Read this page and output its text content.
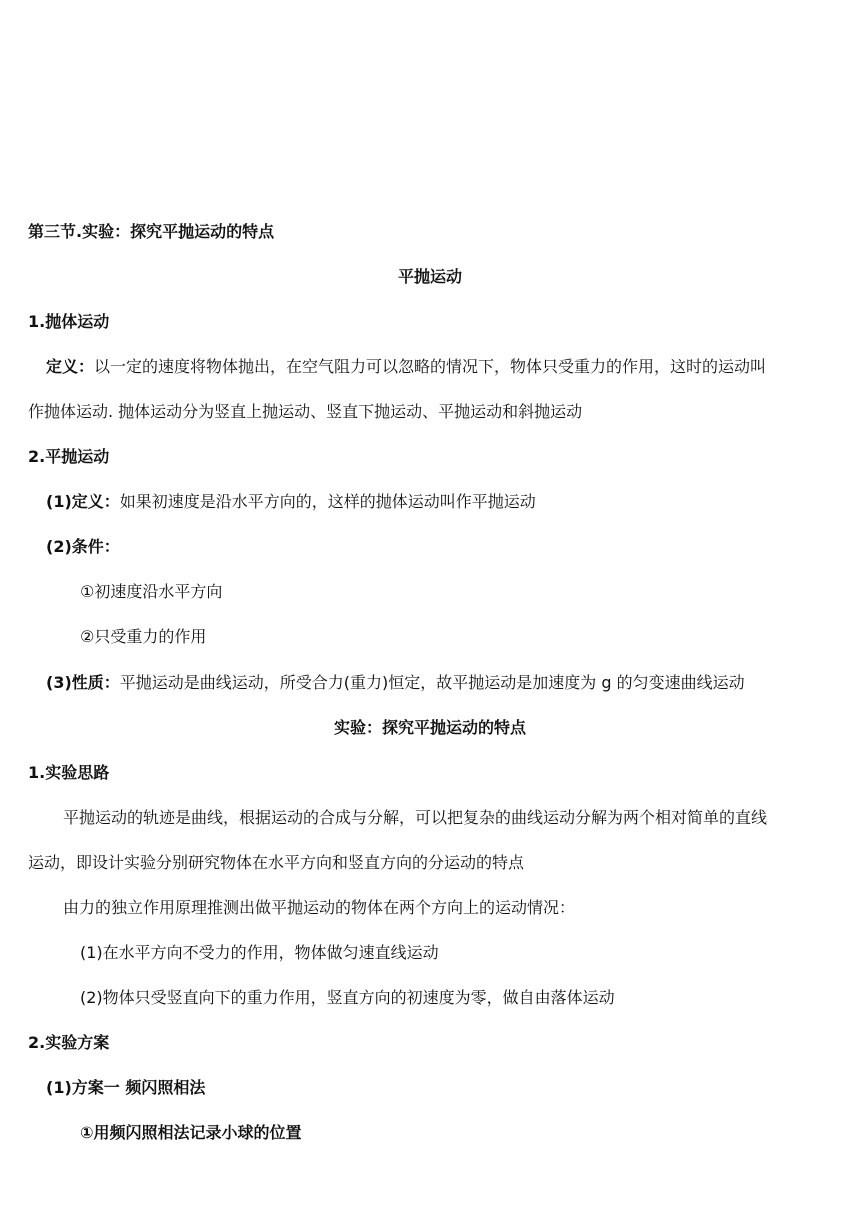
第三节.实验：探究平抛运动的特点
平抛运动
1.抛体运动
定义：以一定的速度将物体抛出，在空气阻力可以忽略的情况下，物体只受重力的作用，这时的运动叫
作抛体运动. 抛体运动分为竖直上抛运动、竖直下抛运动、平抛运动和斜抛运动
2.平抛运动
(1)定义：如果初速度是沿水平方向的，这样的抛体运动叫作平抛运动
(2)条件：
①初速度沿水平方向
②只受重力的作用
(3)性质：平抛运动是曲线运动，所受合力(重力)恒定，故平抛运动是加速度为 g 的匀变速曲线运动
实验：探究平抛运动的特点
1.实验思路
平抛运动的轨迹是曲线，根据运动的合成与分解，可以把复杂的曲线运动分解为两个相对简单的直线
运动，即设计实验分别研究物体在水平方向和竖直方向的分运动的特点
由力的独立作用原理推测出做平抛运动的物体在两个方向上的运动情况：
(1)在水平方向不受力的作用，物体做匀速直线运动
(2)物体只受竖直向下的重力作用，竖直方向的初速度为零，做自由落体运动
2.实验方案
(1)方案一 频闪照相法
①用频闪照相法记录小球的位置
